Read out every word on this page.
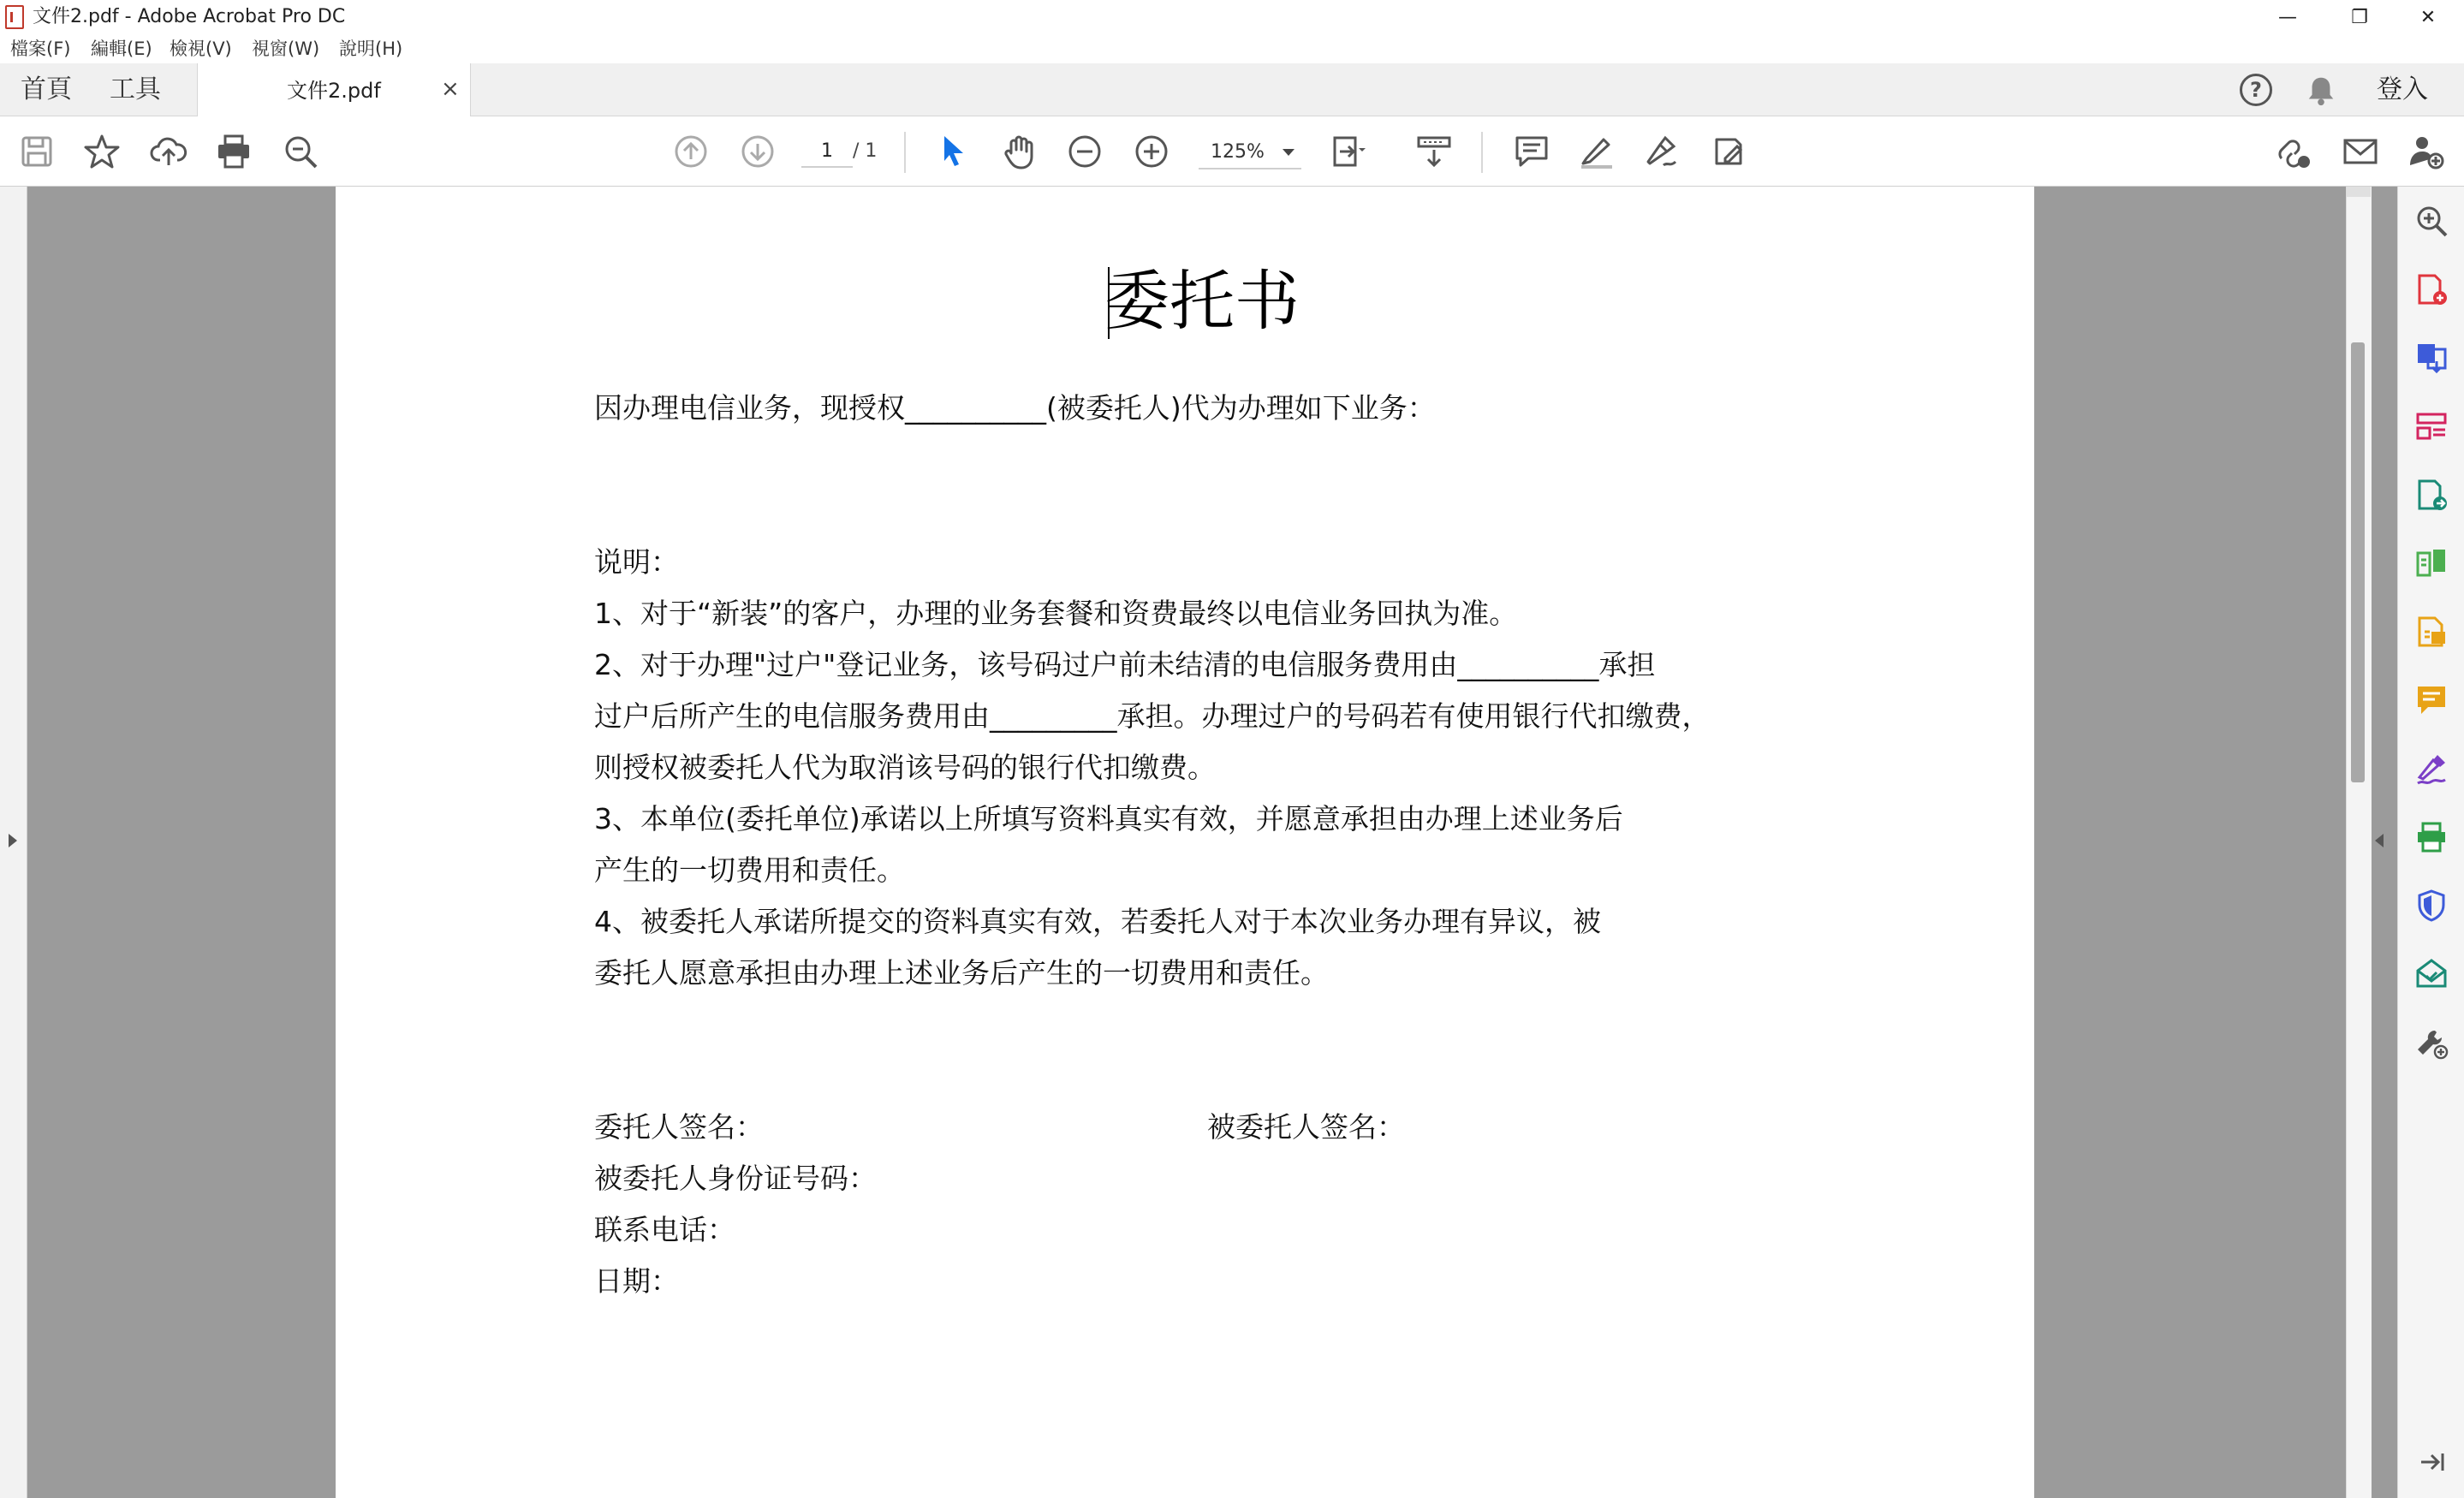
文件2.pdf - Adobe Acrobat Pro DC	—	❐	✕
檔案(F) 編輯(E) 檢視(V) 視窗(W) 說明(H)
首頁 工具	文件2.pdf	×	?	登入
1	/ 1	125%
委托书
因办理电信业务，现授权__________(被委托人)代为办理如下业务：
说明：
1、对于“新装”的客户，办理的业务套餐和资费最终以电信业务回执为准。
2、对于办理"过户"登记业务，该号码过户前未结清的电信服务费用由__________承担
过户后所产生的电信服务费用由_________承担。办理过户的号码若有使用银行代扣缴费，
则授权被委托人代为取消该号码的银行代扣缴费。
3、本单位(委托单位)承诺以上所填写资料真实有效，并愿意承担由办理上述业务后
产生的一切费用和责任。
4、被委托人承诺所提交的资料真实有效，若委托人对于本次业务办理有异议，被
委托人愿意承担由办理上述业务后产生的一切费用和责任。
委托人签名：	被委托人签名：
被委托人身份证号码：
联系电话：
日期：
